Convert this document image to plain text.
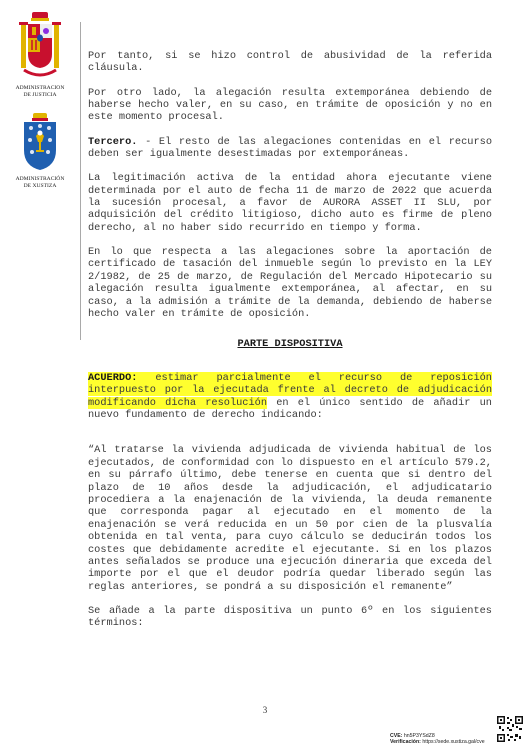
ADMINISTRACION
DE JUSTICIA
ADMINISTRACIÓN
DE XUSTIZA

Por tanto, si se hizo control de abusividad de la referida cláusula.

Por otro lado, la alegación resulta extemporánea debiendo de haberse hecho valer, en su caso, en trámite de oposición y no en este momento procesal.

Tercero. - El resto de las alegaciones contenidas en el recurso deben ser igualmente desestimadas por extemporáneas.

La legitimación activa de la entidad ahora ejecutante viene determinada por el auto de fecha 11 de marzo de 2022 que acuerda la sucesión procesal, a favor de AURORA ASSET II SLU, por adquisición del crédito litigioso, dicho auto es firme de pleno derecho, al no haber sido recurrido en tiempo y forma.

En lo que respecta a las alegaciones sobre la aportación de certificado de tasación del inmueble según lo previsto en la LEY 2/1982, de 25 de marzo, de Regulación del Mercado Hipotecario su alegación resulta igualmente extemporánea, al afectar, en su caso, a la admisión a trámite de la demanda, debiendo de haberse hecho valer en trámite de oposición.

PARTE DISPOSITIVA

ACUERDO: estimar parcialmente el recurso de reposición interpuesto por la ejecutada frente al decreto de adjudicación modificando dicha resolución en el único sentido de añadir un nuevo fundamento de derecho indicando:

“Al tratarse la vivienda adjudicada de vivienda habitual de los ejecutados, de conformidad con lo dispuesto en el artículo 579.2, en su párrafo último, debe tenerse en cuenta que si dentro del plazo de 10 años desde la adjudicación, el adjudicatario procediera a la enajenación de la vivienda, la deuda remanente que corresponda pagar al ejecutado en el momento de la enajenación se verá reducida en un 50 por cien de la plusvalía obtenida en tal venta, para cuyo cálculo se deducirán todos los costes que debidamente acredite el ejecutante. Si en los plazos antes señalados se produce una ejecución dineraria que exceda del importe por el que el deudor podría quedar liberado según las reglas anteriores, se pondrá a su disposición el remanente”

Se añade a la parte dispositiva un punto 6º en los siguientes términos:

3
CVE: hn5P3YSdZ8
Verificación: https://sede.xustiza.gal/cve
